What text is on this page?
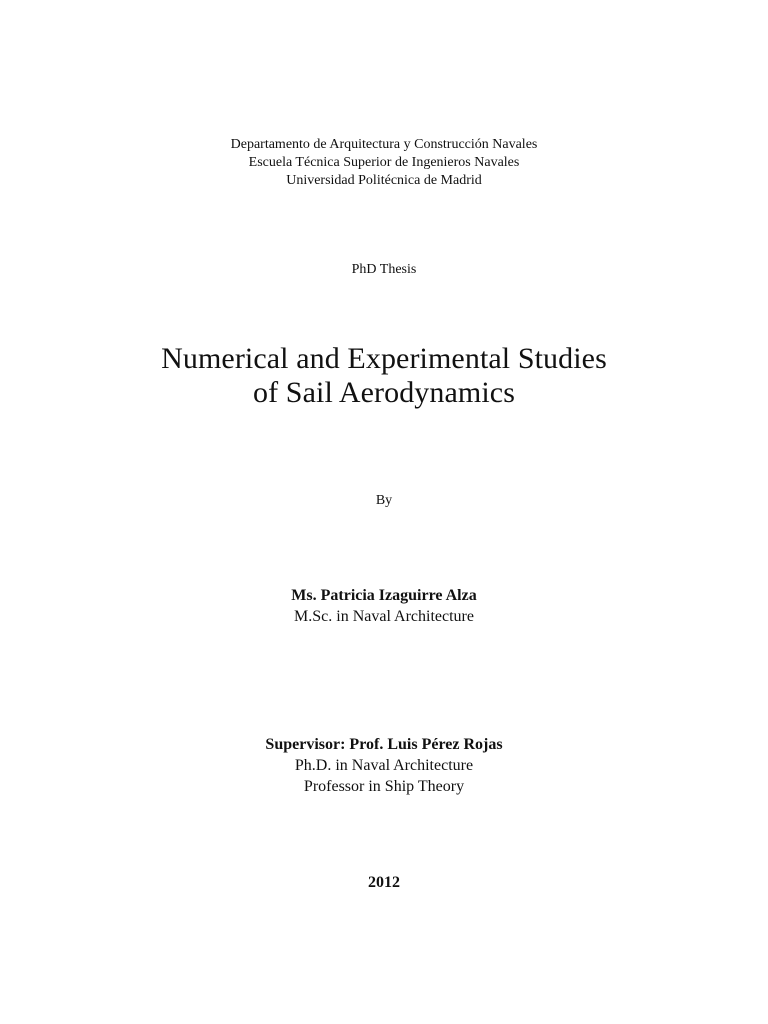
Departamento de Arquitectura y Construcción Navales
Escuela Técnica Superior de Ingenieros Navales
Universidad Politécnica de Madrid
PhD Thesis
Numerical and Experimental Studies
of Sail Aerodynamics
By
Ms. Patricia Izaguirre Alza
M.Sc. in Naval Architecture
Supervisor: Prof. Luis Pérez Rojas
Ph.D. in Naval Architecture
Professor in Ship Theory
2012
